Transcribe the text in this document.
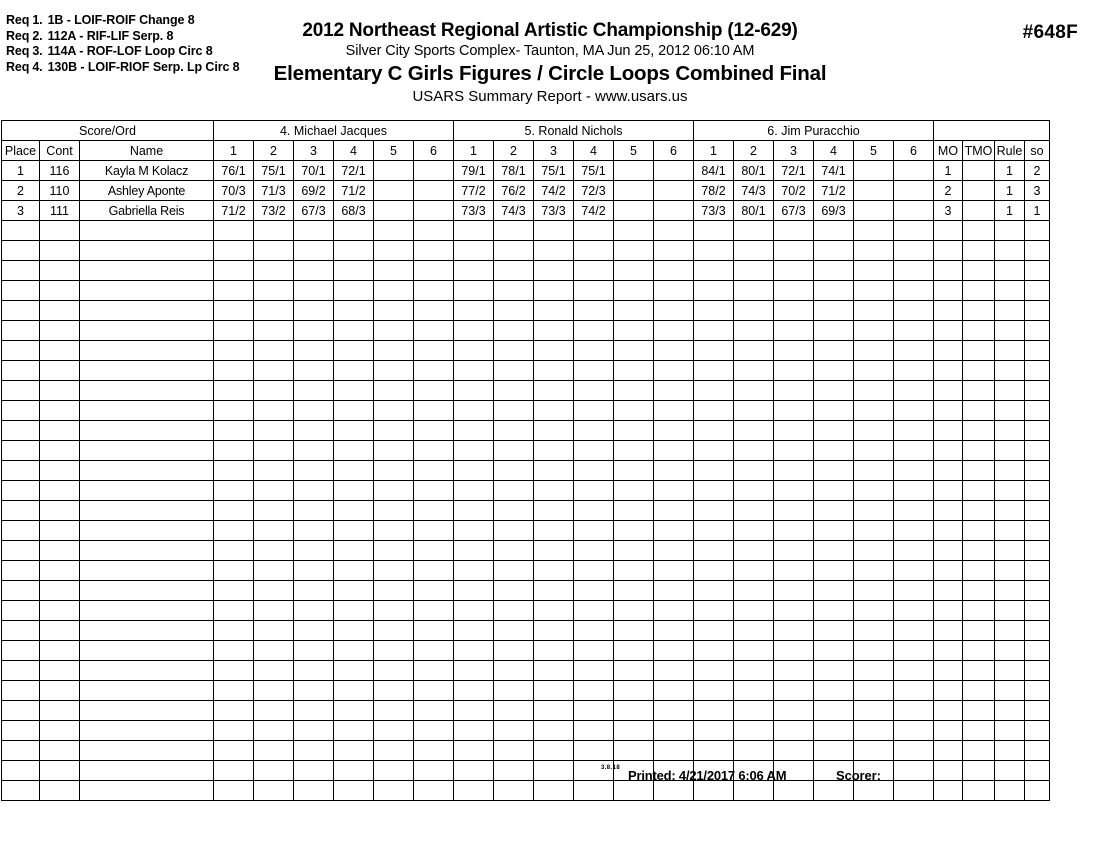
Req 1. 1B - LOIF-ROIF Change 8
Req 2. 112A - RIF-LIF Serp. 8
Req 3. 114A - ROF-LOF Loop Circ 8
Req 4. 130B - LOIF-RIOF Serp. Lp Circ 8
2012 Northeast Regional Artistic Championship (12-629)
Silver City Sports Complex- Taunton, MA Jun 25, 2012 06:10 AM
Elementary C Girls Figures / Circle Loops Combined Final
USARS Summary Report - www.usars.us
#648F
Score/Ord			4. Michael Jacques						5. Ronald Nichols						6. Jim Puracchio									
Place	Cont	Name	1	2	3	4	5	6	1	2	3	4	5	6	1	2	3	4	5	6	MO	TMO	Rule	so
1	116	Kayla M Kolacz	76/1	75/1	70/1	72/1			79/1	78/1	75/1	75/1			84/1	80/1	72/1	74/1			1		1	2
2	110	Ashley Aponte	70/3	71/3	69/2	71/2			77/2	76/2	74/2	72/3			78/2	74/3	70/2	71/2			2		1	3
3	111	Gabriella Reis	71/2	73/2	67/3	68/3			73/3	74/3	73/3	74/2			73/3	80/1	67/3	69/3			3		1	1

3.8.18 Printed: 4/21/2017 6:06 AM	Scorer:
